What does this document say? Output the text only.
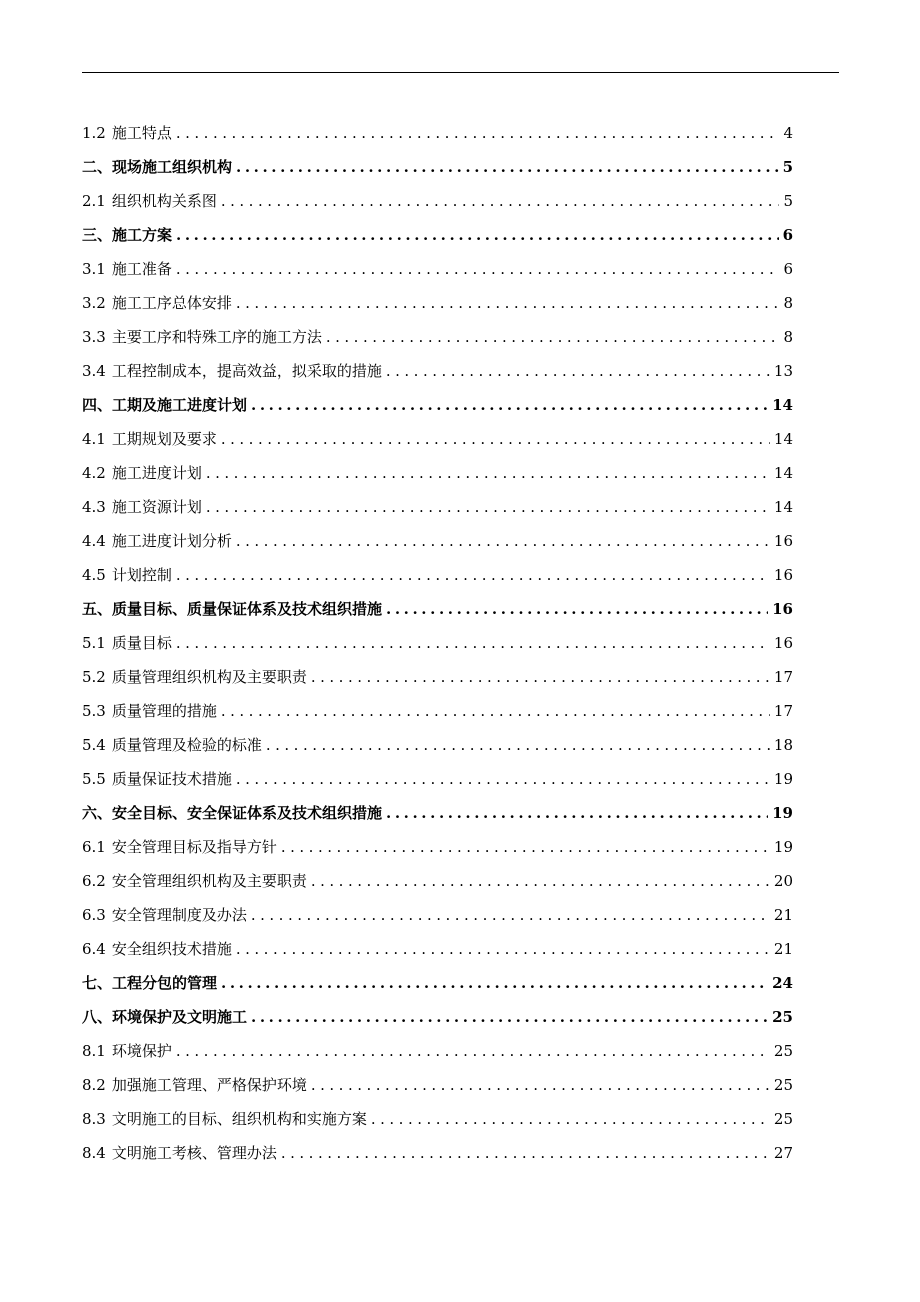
1.2 施工特点 .....	4
二、现场施工组织机构 .....	5
2.1 组织机构关系图 .....	5
三、施工方案 .....	6
3.1 施工准备 .....	6
3.2 施工工序总体安排 .....	8
3.3 主要工序和特殊工序的施工方法 .....	8
3.4 工程控制成本，提高效益，拟采取的措施 .....	13
四、工期及施工进度计划 .....	14
4.1 工期规划及要求 .....	14
4.2 施工进度计划 .....	14
4.3 施工资源计划 .....	14
4.4 施工进度计划分析 .....	16
4.5 计划控制 .....	16
五、质量目标、质量保证体系及技术组织措施 .....	16
5.1 质量目标 .....	16
5.2 质量管理组织机构及主要职责 .....	17
5.3 质量管理的措施 .....	17
5.4 质量管理及检验的标准 .....	18
5.5 质量保证技术措施 .....	19
六、安全目标、安全保证体系及技术组织措施 .....	19
6.1 安全管理目标及指导方针 .....	19
6.2 安全管理组织机构及主要职责 .....	20
6.3 安全管理制度及办法 .....	21
6.4 安全组织技术措施 .....	21
七、工程分包的管理 .....	24
八、环境保护及文明施工 .....	25
8.1 环境保护 .....	25
8.2 加强施工管理、严格保护环境 .....	25
8.3 文明施工的目标、组织机构和实施方案 .....	25
8.4 文明施工考核、管理办法 .....	27
